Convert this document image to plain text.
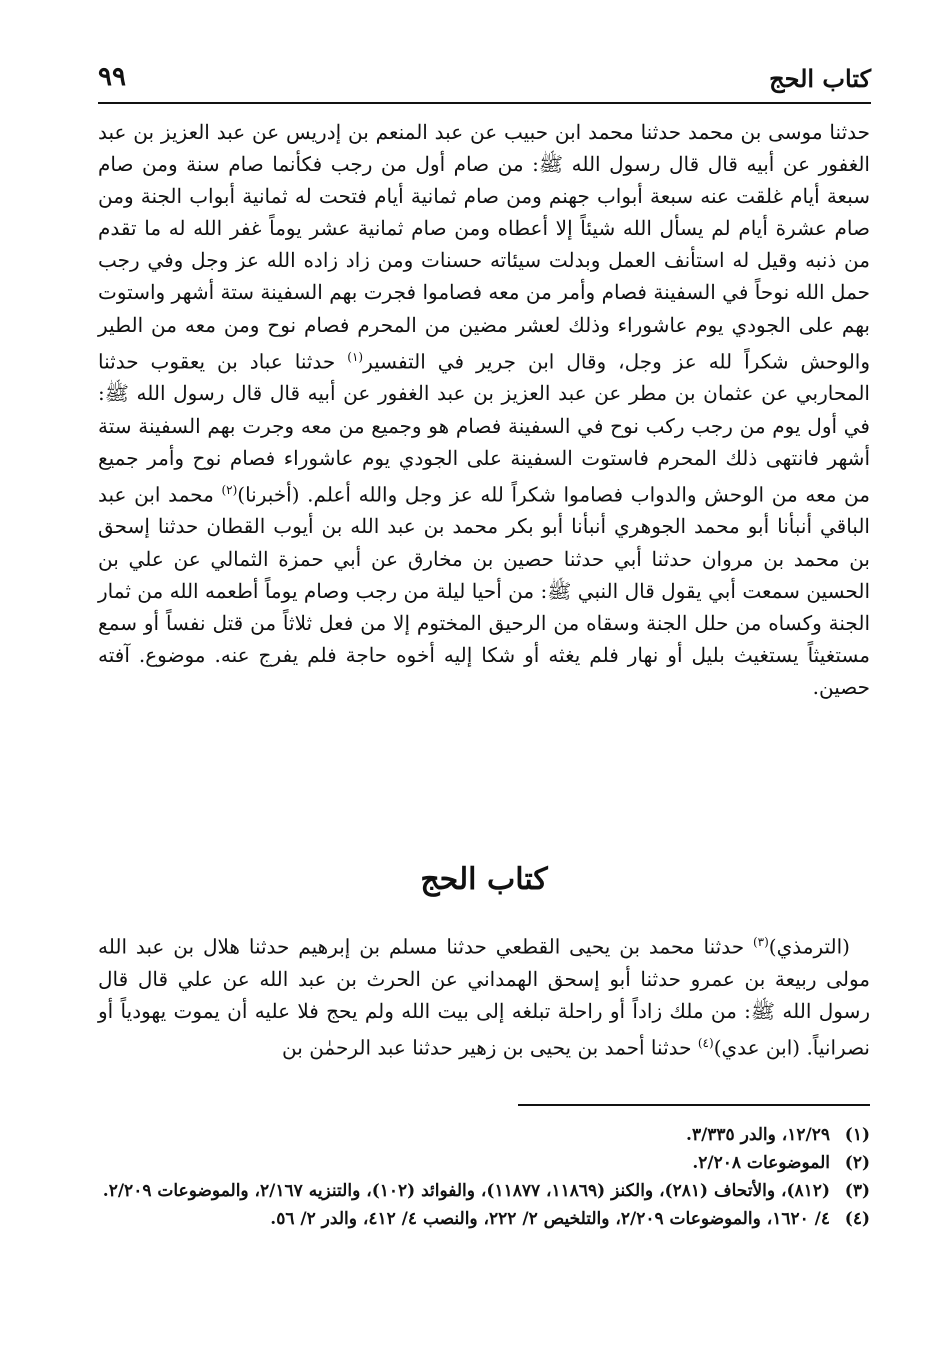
كتاب الحج
٩٩

حدثنا موسى بن محمد حدثنا محمد ابن حبيب عن عبد المنعم بن إدريس عن عبد العزيز بن عبد الغفور عن أبيه قال قال رسول الله ﷺ: من صام أول من رجب فكأنما صام سنة ومن صام سبعة أيام غلقت عنه سبعة أبواب جهنم ومن صام ثمانية أيام فتحت له ثمانية أبواب الجنة ومن صام عشرة أيام لم يسأل الله شيئاً إلا أعطاه ومن صام ثمانية عشر يوماً غفر الله له ما تقدم من ذنبه وقيل له استأنف العمل وبدلت سيئاته حسنات ومن زاد زاده الله عز وجل وفي رجب حمل الله نوحاً في السفينة فصام وأمر من معه فصاموا فجرت بهم السفينة ستة أشهر واستوت بهم على الجودي يوم عاشوراء وذلك لعشر مضين من المحرم فصام نوح ومن معه من الطير والوحش شكراً لله عز وجل، وقال ابن جرير في التفسير$^{(١)}$ حدثنا عباد بن يعقوب حدثنا المحاربي عن عثمان بن مطر عن عبد العزيز بن عبد الغفور عن أبيه قال قال رسول الله ﷺ: في أول يوم من رجب ركب نوح في السفينة فصام هو وجميع من معه وجرت بهم السفينة ستة أشهر فانتهى ذلك المحرم فاستوت السفينة على الجودي يوم عاشوراء فصام نوح وأمر جميع من معه من الوحش والدواب فصاموا شكراً لله عز وجل والله أعلم. (أخبرنا)$^{(٢)}$ محمد ابن عبد الباقي أنبأنا أبو محمد الجوهري أنبأنا أبو بكر محمد بن عبد الله بن أيوب القطان حدثنا إسحق بن محمد بن مروان حدثنا أبي حدثنا حصين بن مخارق عن أبي حمزة الثمالي عن علي بن الحسين سمعت أبي يقول قال النبي ﷺ: من أحيا ليلة من رجب وصام يوماً أطعمه الله من ثمار الجنة وكساه من حلل الجنة وسقاه من الرحيق المختوم إلا من فعل ثلاثاً من قتل نفساً أو سمع مستغيثاً يستغيث بليل أو نهار فلم يغثه أو شكا إليه أخوه حاجة فلم يفرج عنه. موضوع. آفته حصين.

كتاب الحج

(الترمذي)$^{(٣)}$ حدثنا محمد بن يحيى القطعي حدثنا مسلم بن إبرهيم حدثنا هلال بن عبد الله مولى ربيعة بن عمرو حدثنا أبو إسحق الهمداني عن الحرث بن عبد الله عن علي قال قال رسول الله ﷺ: من ملك زاداً أو راحلة تبلغه إلى بيت الله ولم يحج فلا عليه أن يموت يهودياً أو نصرانياً. (ابن عدي)$^{(٤)}$ حدثنا أحمد بن يحيى بن زهير حدثنا عبد الرحمٰن بن

(١)
١٢/٢٩، والدر ٣/٣٣٥.
(٢)
الموضوعات ٢/٢٠٨.
(٣)
(٨١٢)، والأتحاف (٢٨١)، والكنز (١١٨٦٩، ١١٨٧٧)، والفوائد (١٠٢)، والتنزيه ٢/١٦٧، والموضوعات ٢/٢٠٩.
(٤)
٤/ ١٦٢٠، والموضوعات ٢/٢٠٩، والتلخيص ٢/ ٢٢٢، والنصب ٤/ ٤١٢، والدر ٢/ ٥٦.
